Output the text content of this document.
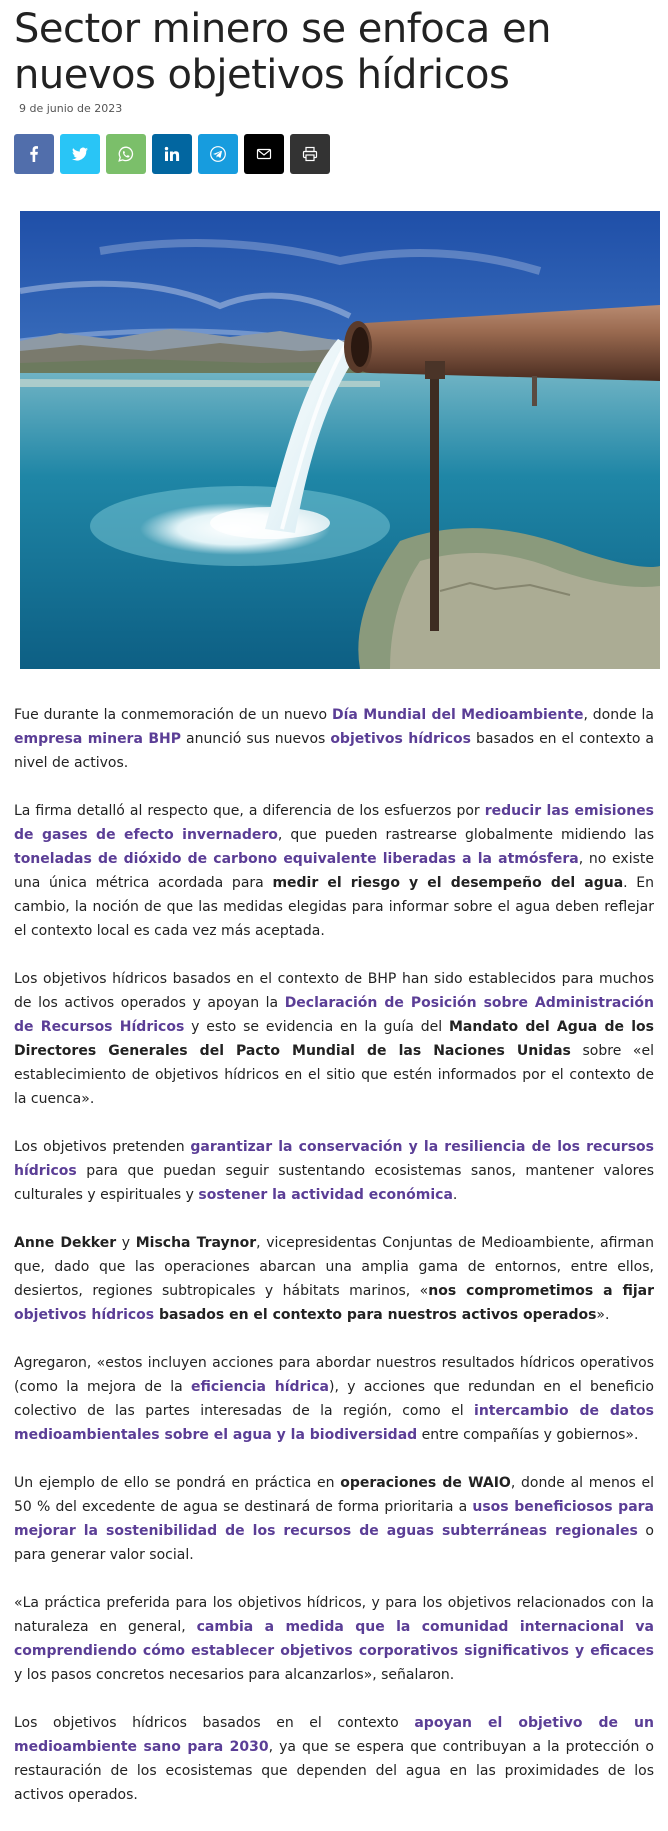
Sector minero se enfoca en nuevos objetivos hídricos
9 de junio de 2023

Fue durante la conmemoración de un nuevo Día Mundial del Medioambiente, donde la empresa minera BHP anunció sus nuevos objetivos hídricos basados en el contexto a nivel de activos.

La firma detalló al respecto que, a diferencia de los esfuerzos por reducir las emisiones de gases de efecto invernadero, que pueden rastrearse globalmente midiendo las toneladas de dióxido de carbono equivalente liberadas a la atmósfera, no existe una única métrica acordada para medir el riesgo y el desempeño del agua. En cambio, la noción de que las medidas elegidas para informar sobre el agua deben reflejar el contexto local es cada vez más aceptada.

Los objetivos hídricos basados en el contexto de BHP han sido establecidos para muchos de los activos operados y apoyan la Declaración de Posición sobre Administración de Recursos Hídricos y esto se evidencia en la guía del Mandato del Agua de los Directores Generales del Pacto Mundial de las Naciones Unidas sobre «el establecimiento de objetivos hídricos en el sitio que estén informados por el contexto de la cuenca».

Los objetivos pretenden garantizar la conservación y la resiliencia de los recursos hídricos para que puedan seguir sustentando ecosistemas sanos, mantener valores culturales y espirituales y sostener la actividad económica.

Anne Dekker y Mischa Traynor, vicepresidentas Conjuntas de Medioambiente, afirman que, dado que las operaciones abarcan una amplia gama de entornos, entre ellos, desiertos, regiones subtropicales y hábitats marinos, «nos comprometimos a fijar objetivos hídricos basados en el contexto para nuestros activos operados».

Agregaron, «estos incluyen acciones para abordar nuestros resultados hídricos operativos (como la mejora de la eficiencia hídrica), y acciones que redundan en el beneficio colectivo de las partes interesadas de la región, como el intercambio de datos medioambientales sobre el agua y la biodiversidad entre compañías y gobiernos».

Un ejemplo de ello se pondrá en práctica en operaciones de WAIO, donde al menos el 50 % del excedente de agua se destinará de forma prioritaria a usos beneficiosos para mejorar la sostenibilidad de los recursos de aguas subterráneas regionales o para generar valor social.

«La práctica preferida para los objetivos hídricos, y para los objetivos relacionados con la naturaleza en general, cambia a medida que la comunidad internacional va comprendiendo cómo establecer objetivos corporativos significativos y eficaces y los pasos concretos necesarios para alcanzarlos», señalaron.

Los objetivos hídricos basados en el contexto apoyan el objetivo de un medioambiente sano para 2030, ya que se espera que contribuyan a la protección o restauración de los ecosistemas que dependen del agua en las proximidades de los activos operados.
